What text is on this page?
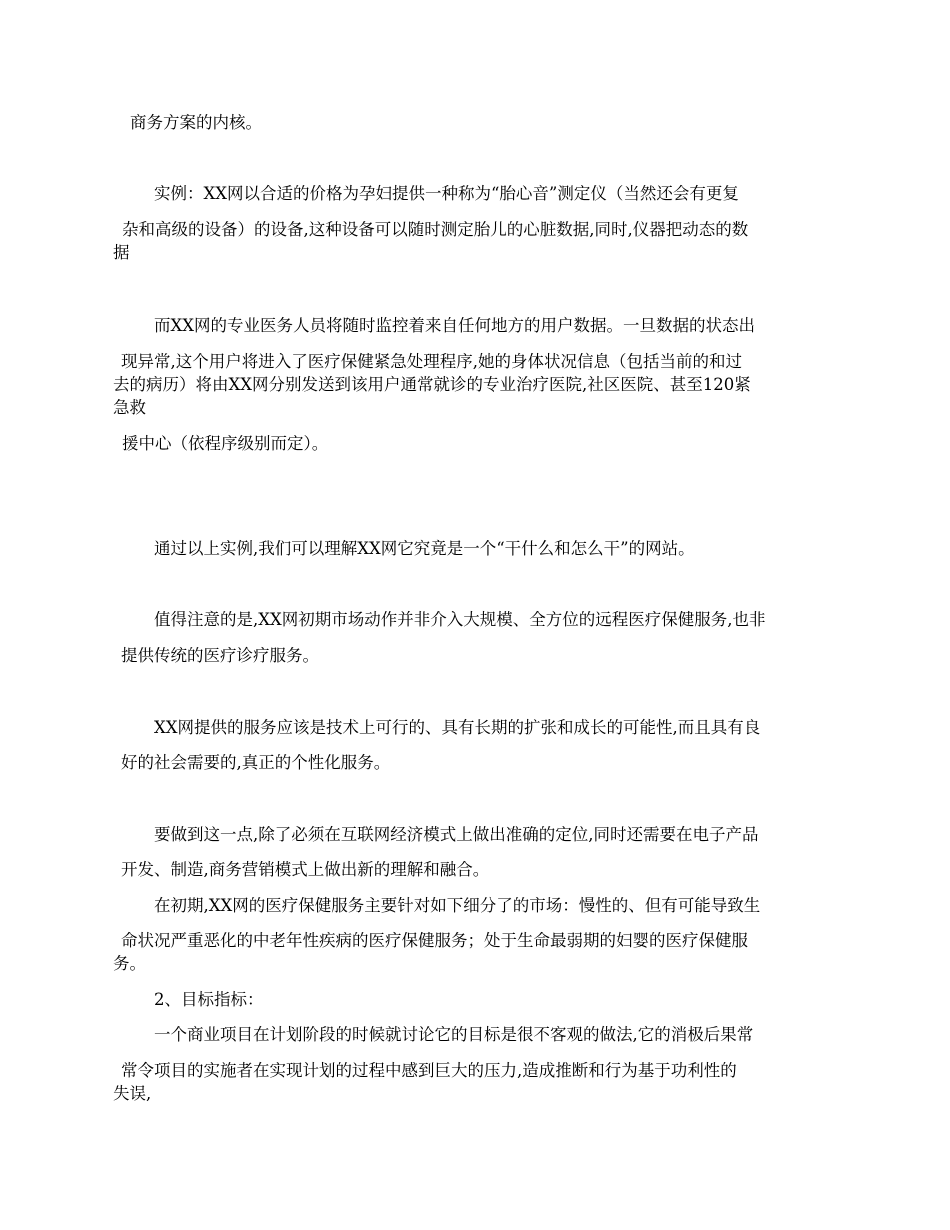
商务方案的内核。

实例：XX网以合适的价格为孕妇提供一种称为“胎心音”测定仪（当然还会有更复

杂和高级的设备）的设备,这种设备可以随时测定胎儿的心脏数据,同时,仪器把动态的数

据

而XX网的专业医务人员将随时监控着来自任何地方的用户数据。一旦数据的状态出

现异常,这个用户将进入了医疗保健紧急处理程序,她的身体状况信息（包括当前的和过

去的病历）将由XX网分别发送到该用户通常就诊的专业治疗医院,社区医院、甚至120紧

急救

援中心（依程序级别而定）。

通过以上实例,我们可以理解XX网它究竟是一个“干什么和怎么干”的网站。

值得注意的是,XX网初期市场动作并非介入大规模、全方位的远程医疗保健服务,也非

提供传统的医疗诊疗服务。

XX网提供的服务应该是技术上可行的、具有长期的扩张和成长的可能性,而且具有良

好的社会需要的,真正的个性化服务。

要做到这一点,除了必须在互联网经济模式上做出准确的定位,同时还需要在电子产品

开发、制造,商务营销模式上做出新的理解和融合。

在初期,XX网的医疗保健服务主要针对如下细分了的市场：慢性的、但有可能导致生

命状况严重恶化的中老年性疾病的医疗保健服务；处于生命最弱期的妇婴的医疗保健服

务。

2、目标指标：

一个商业项目在计划阶段的时候就讨论它的目标是很不客观的做法,它的消极后果常

常令项目的实施者在实现计划的过程中感到巨大的压力,造成推断和行为基于功利性的

失误,
